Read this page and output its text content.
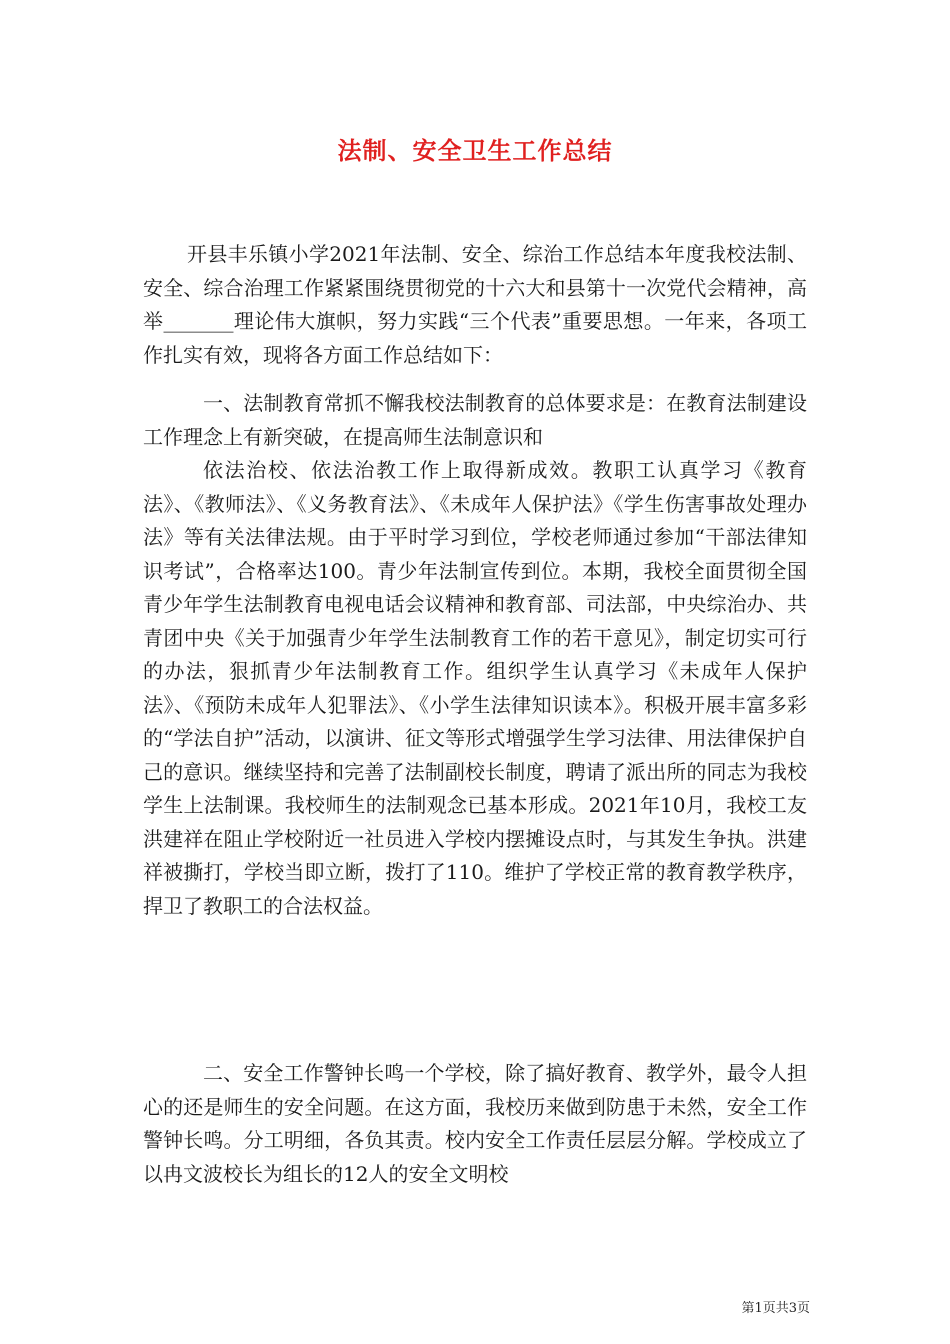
法制、安全卫生工作总结

开县丰乐镇小学2021年法制、安全、综治工作总结本年度我校法制、安全、综合治理工作紧紧围绕贯彻党的十六大和县第十一次党代会精神，高举_______理论伟大旗帜，努力实践“三个代表”重要思想。一年来，各项工作扎实有效，现将各方面工作总结如下：

一、法制教育常抓不懈我校法制教育的总体要求是：在教育法制建设工作理念上有新突破，在提高师生法制意识和

依法治校、依法治教工作上取得新成效。教职工认真学习《教育法》、《教师法》、《义务教育法》、《未成年人保护法》《学生伤害事故处理办法》等有关法律法规。由于平时学习到位，学校老师通过参加“干部法律知识考试”，合格率达100。青少年法制宣传到位。本期，我校全面贯彻全国青少年学生法制教育电视电话会议精神和教育部、司法部，中央综治办、共青团中央《关于加强青少年学生法制教育工作的若干意见》，制定切实可行的办法，狠抓青少年法制教育工作。组织学生认真学习《未成年人保护法》、《预防未成年人犯罪法》、《小学生法律知识读本》。积极开展丰富多彩的“学法自护”活动，以演讲、征文等形式增强学生学习法律、用法律保护自己的意识。继续坚持和完善了法制副校长制度，聘请了派出所的同志为我校学生上法制课。我校师生的法制观念已基本形成。2021年10月，我校工友洪建祥在阻止学校附近一社员进入学校内摆摊设点时，与其发生争执。洪建祥被撕打，学校当即立断，拨打了110。维护了学校正常的教育教学秩序，捍卫了教职工的合法权益。

二、安全工作警钟长鸣一个学校，除了搞好教育、教学外，最令人担心的还是师生的安全问题。在这方面，我校历来做到防患于未然，安全工作警钟长鸣。分工明细，各负其责。校内安全工作责任层层分解。学校成立了以冉文波校长为组长的12人的安全文明校

第1页共3页
